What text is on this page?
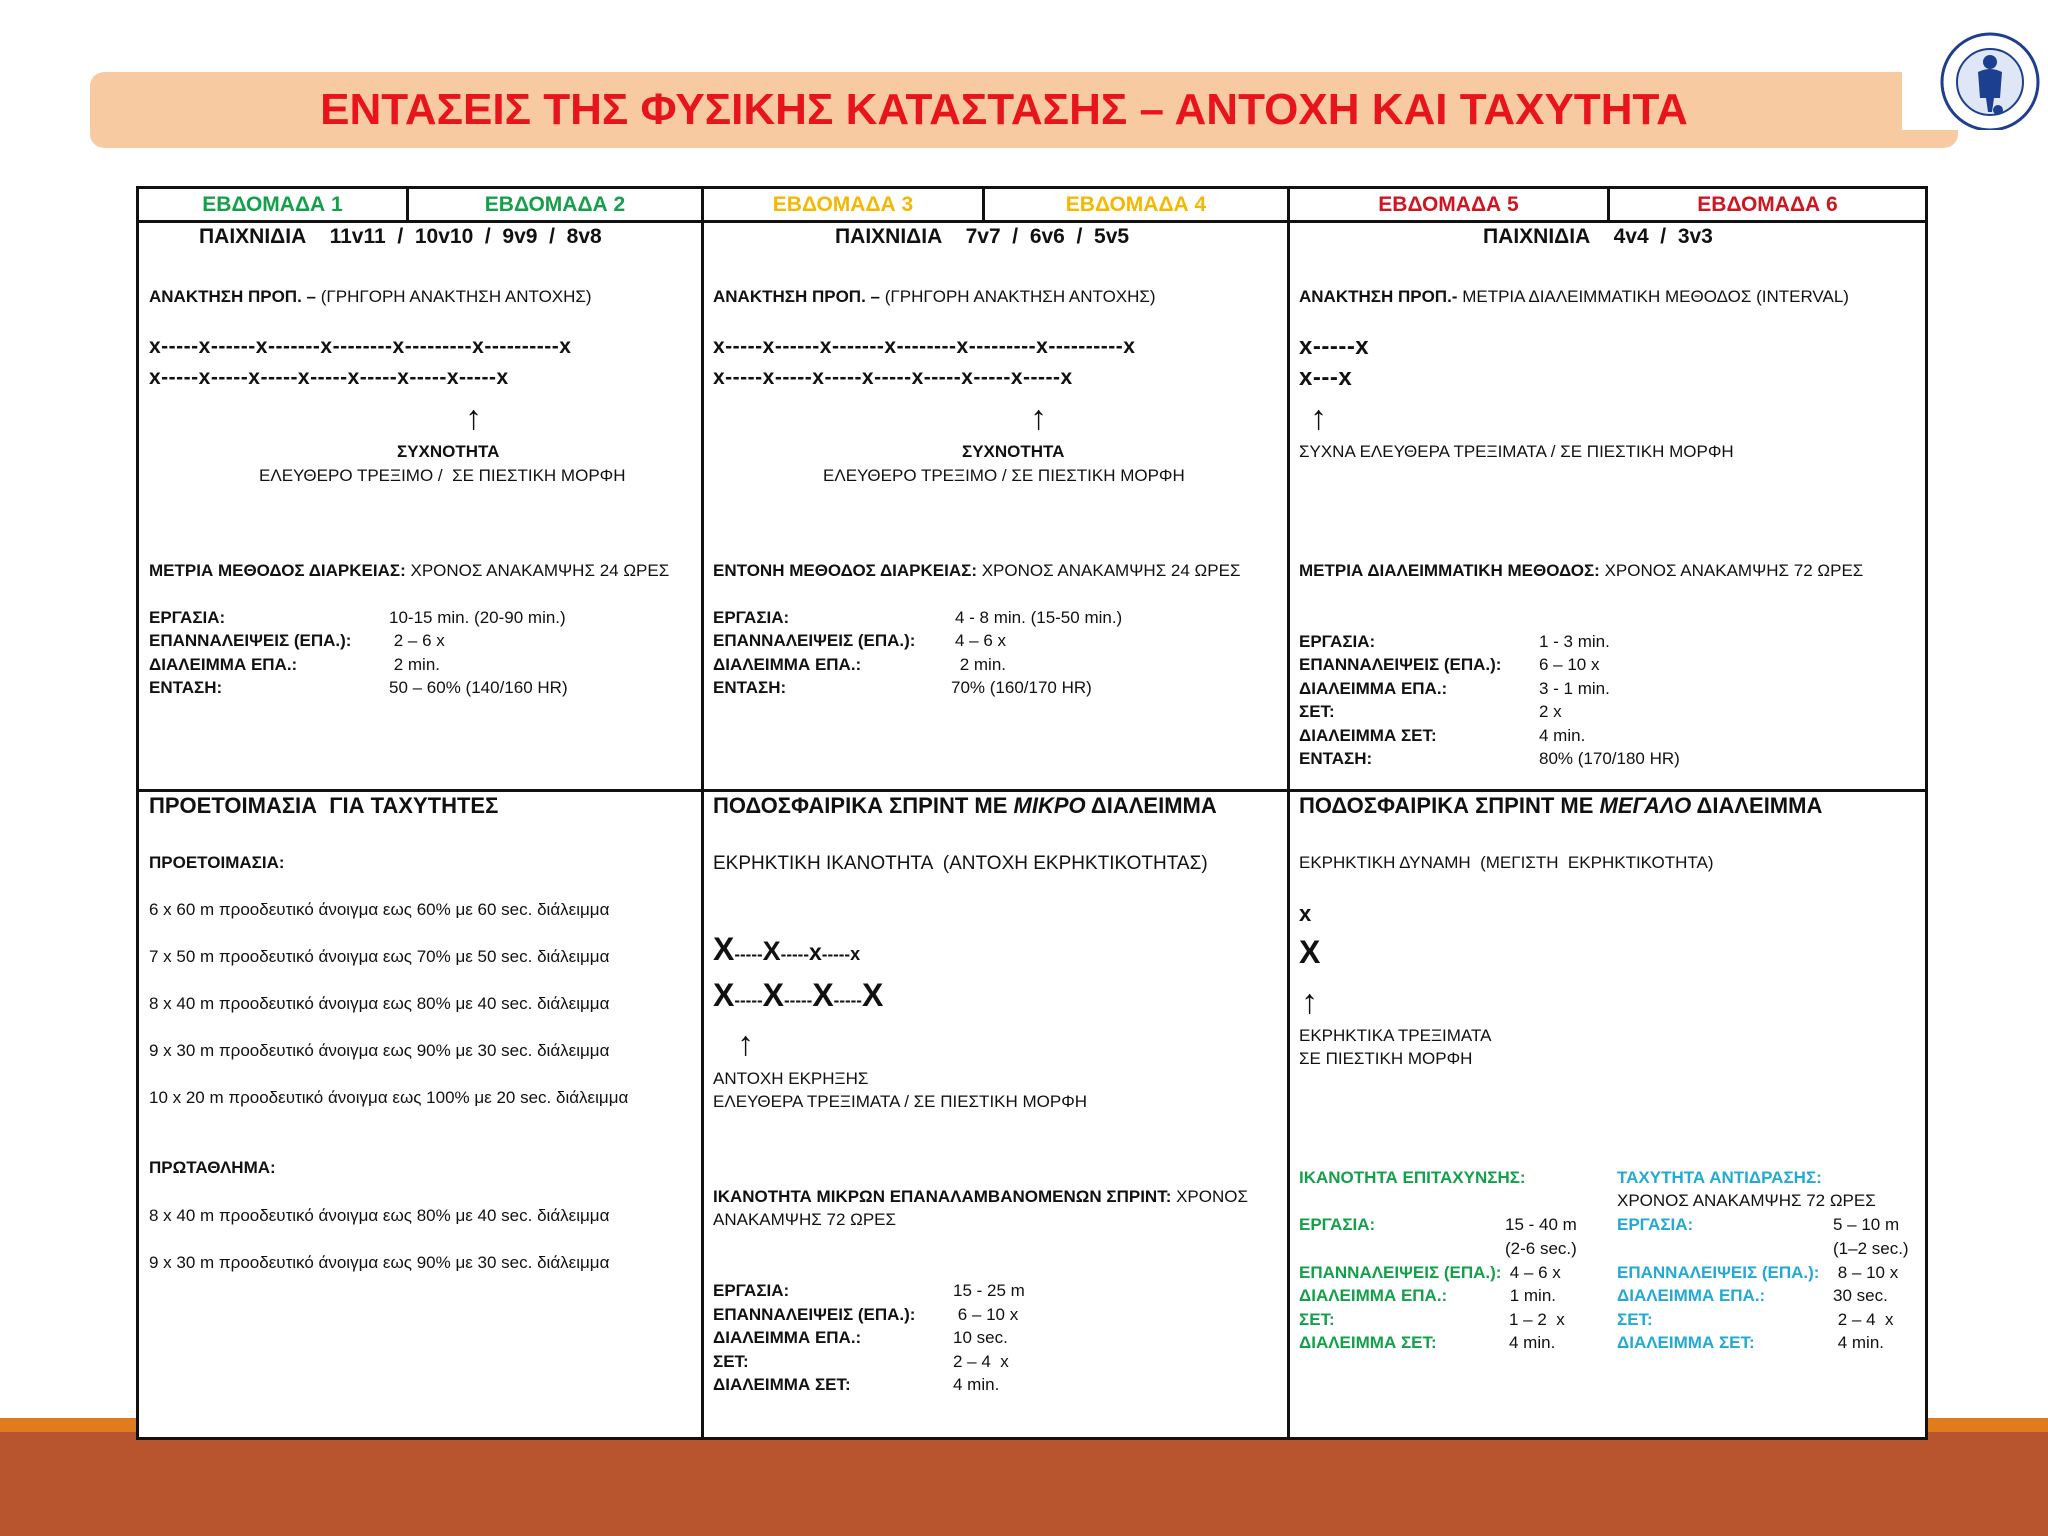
ΕΝΤΑΣΕΙΣ ΤΗΣ ΦΥΣΙΚΗΣ ΚΑΤΑΣΤΑΣΗΣ – ΑΝΤΟΧΗ ΚΑΙ ΤΑΧΥΤΗΤΑ
ΕΒΔΟΜΑΔΑ 1	ΕΒΔΟΜΑΔΑ 2	ΕΒΔΟΜΑΔΑ 3	ΕΒΔΟΜΑΔΑ 4	ΕΒΔΟΜΑΔΑ 5	ΕΒΔΟΜΑΔΑ 6
ΠΑΙΧΝΙΔΙΑ    11v11  /  10v10  /  9v9  /  8v8
ΑΝΑΚΤΗΣΗ ΠΡΟΠ. – (ΓΡΗΓΟΡΗ ΑΝΑΚΤΗΣΗ ΑΝΤΟΧΗΣ)
x-----x------x-------x--------x---------x----------x
x-----x-----x-----x-----x-----x-----x-----x
↑
ΣΥΧΝΟΤΗΤΑ
ΕΛΕΥΘΕΡΟ ΤΡΕΞΙΜΟ /  ΣΕ ΠΙΕΣΤΙΚΗ ΜΟΡΦΗ
ΜΕΤΡΙΑ ΜΕΘΟΔΟΣ ΔΙΑΡΚΕΙΑΣ: ΧΡΟΝΟΣ ΑΝΑΚΑΜΨΗΣ 24 ΩΡΕΣ
ΕΡΓΑΣΙΑ:	10-15 min. (20-90 min.)
ΕΠΑΝΝΑΛΕΙΨΕΙΣ (ΕΠΑ.): 2 – 6 x
ΔΙΑΛΕΙΜΜΑ ΕΠΑ.:	2 min.
ΕΝΤΑΣΗ:	50 – 60% (140/160 HR)
ΠΑΙΧΝΙΔΙΑ    7v7  /  6v6  /  5v5
ΑΝΑΚΤΗΣΗ ΠΡΟΠ. – (ΓΡΗΓΟΡΗ ΑΝΑΚΤΗΣΗ ΑΝΤΟΧΗΣ)
x-----x------x-------x--------x---------x----------x
x-----x-----x-----x-----x-----x-----x-----x
↑
ΣΥΧΝΟΤΗΤΑ
ΕΛΕΥΘΕΡΟ ΤΡΕΞΙΜΟ / ΣΕ ΠΙΕΣΤΙΚΗ ΜΟΡΦΗ
ΕΝΤΟΝΗ ΜΕΘΟΔΟΣ ΔΙΑΡΚΕΙΑΣ: ΧΡΟΝΟΣ ΑΝΑΚΑΜΨΗΣ 24 ΩΡΕΣ
ΕΡΓΑΣΙΑ:	4 - 8 min. (15-50 min.)
ΕΠΑΝΝΑΛΕΙΨΕΙΣ (ΕΠΑ.): 4 – 6 x
ΔΙΑΛΕΙΜΜΑ ΕΠΑ.:	2 min.
ΕΝΤΑΣΗ:	70% (160/170 HR)
ΠΑΙΧΝΙΔΙΑ    4v4  /  3v3
ΑΝΑΚΤΗΣΗ ΠΡΟΠ.- ΜΕΤΡΙΑ ΔΙΑΛΕΙΜΜΑΤΙΚΗ ΜΕΘΟΔΟΣ (INTERVAL)
x-----x
x---x
↑
ΣΥΧΝΑ ΕΛΕΥΘΕΡΑ ΤΡΕΞΙΜΑΤΑ / ΣΕ ΠΙΕΣΤΙΚΗ ΜΟΡΦΗ
ΜΕΤΡΙΑ ΔΙΑΛΕΙΜΜΑΤΙΚΗ ΜΕΘΟΔΟΣ: ΧΡΟΝΟΣ ΑΝΑΚΑΜΨΗΣ 72 ΩΡΕΣ
ΕΡΓΑΣΙΑ:	1 - 3 min.
ΕΠΑΝΝΑΛΕΙΨΕΙΣ (ΕΠΑ.): 6 – 10 x
ΔΙΑΛΕΙΜΜΑ ΕΠΑ.:	3 - 1 min.
ΣΕΤ:	2 x
ΔΙΑΛΕΙΜΜΑ ΣΕΤ:	4 min.
ΕΝΤΑΣΗ:	80% (170/180 HR)
ΠΡΟΕΤΟΙΜΑΣΙΑ  ΓΙΑ ΤΑΧΥΤΗΤΕΣ
ΠΡΟΕΤΟΙΜΑΣΙΑ:
6 x 60 m προοδευτικό άνοιγμα εως 60% με 60 sec. διάλειμμα
7 x 50 m προοδευτικό άνοιγμα εως 70% με 50 sec. διάλειμμα
8 x 40 m προοδευτικό άνοιγμα εως 80% με 40 sec. διάλειμμα
9 x 30 m προοδευτικό άνοιγμα εως 90% με 30 sec. διάλειμμα
10 x 20 m προοδευτικό άνοιγμα εως 100% με 20 sec. διάλειμμα
ΠΡΩΤΑΘΛΗΜΑ:
8 x 40 m προοδευτικό άνοιγμα εως 80% με 40 sec. διάλειμμα
9 x 30 m προοδευτικό άνοιγμα εως 90% με 30 sec. διάλειμμα
ΠΟΔΟΣΦΑΙΡΙΚΑ ΣΠΡΙΝΤ ΜΕ ΜΙΚΡΟ ΔΙΑΛΕΙΜΜΑ
ΕΚΡΗΚΤΙΚΗ ΙΚΑΝΟΤΗΤΑ  (ΑΝΤΟΧΗ ΕΚΡΗΚΤΙΚΟΤΗΤΑΣ)
X-----X-----x-----x
X-----X-----X-----X
↑
ΑΝΤΟΧΗ ΕΚΡΗΞΗΣ
ΕΛΕΥΘΕΡΑ ΤΡΕΞΙΜΑΤΑ / ΣΕ ΠΙΕΣΤΙΚΗ ΜΟΡΦΗ
ΙΚΑΝΟΤΗΤΑ ΜΙΚΡΩΝ ΕΠΑΝΑΛΑΜΒΑΝΟΜΕΝΩΝ ΣΠΡΙΝΤ: ΧΡΟΝΟΣ
ΑΝΑΚΑΜΨΗΣ 72 ΩΡΕΣ
ΕΡΓΑΣΙΑ:	15 - 25 m
ΕΠΑΝΝΑΛΕΙΨΕΙΣ (ΕΠΑ.): 6 – 10 x
ΔΙΑΛΕΙΜΜΑ ΕΠΑ.:	10 sec.
ΣΕΤ:	2 – 4  x
ΔΙΑΛΕΙΜΜΑ ΣΕΤ:	4 min.
ΠΟΔΟΣΦΑΙΡΙΚΑ ΣΠΡΙΝΤ ΜΕ ΜΕΓΑΛΟ ΔΙΑΛΕΙΜΜΑ
ΕΚΡΗΚΤΙΚΗ ΔΥΝΑΜΗ  (ΜΕΓΙΣΤΗ  ΕΚΡΗΚΤΙΚΟΤΗΤΑ)
x
X
↑
ΕΚΡΗΚΤΙΚΑ ΤΡΕΞΙΜΑΤΑ
ΣΕ ΠΙΕΣΤΙΚΗ ΜΟΡΦΗ
ΙΚΑΝΟΤΗΤΑ ΕΠΙΤΑΧΥΝΣΗΣ:
ΕΡΓΑΣΙΑ:	15 - 40 m
(2-6 sec.)
ΕΠΑΝΝΑΛΕΙΨΕΙΣ (ΕΠΑ.): 4 – 6 x
ΔΙΑΛΕΙΜΜΑ ΕΠΑ.:	1 min.
ΣΕΤ:	1 – 2  x
ΔΙΑΛΕΙΜΜΑ ΣΕΤ:	4 min.
ΤΑΧΥΤΗΤΑ ΑΝΤΙΔΡΑΣΗΣ:
ΧΡΟΝΟΣ ΑΝΑΚΑΜΨΗΣ 72 ΩΡΕΣ
ΕΡΓΑΣΙΑ:	5 – 10 m
(1–2 sec.)
ΕΠΑΝΝΑΛΕΙΨΕΙΣ (ΕΠΑ.): 8 – 10 x
ΔΙΑΛΕΙΜΜΑ ΕΠΑ.:	30 sec.
ΣΕΤ:	2 – 4  x
ΔΙΑΛΕΙΜΜΑ ΣΕΤ:	4 min.
